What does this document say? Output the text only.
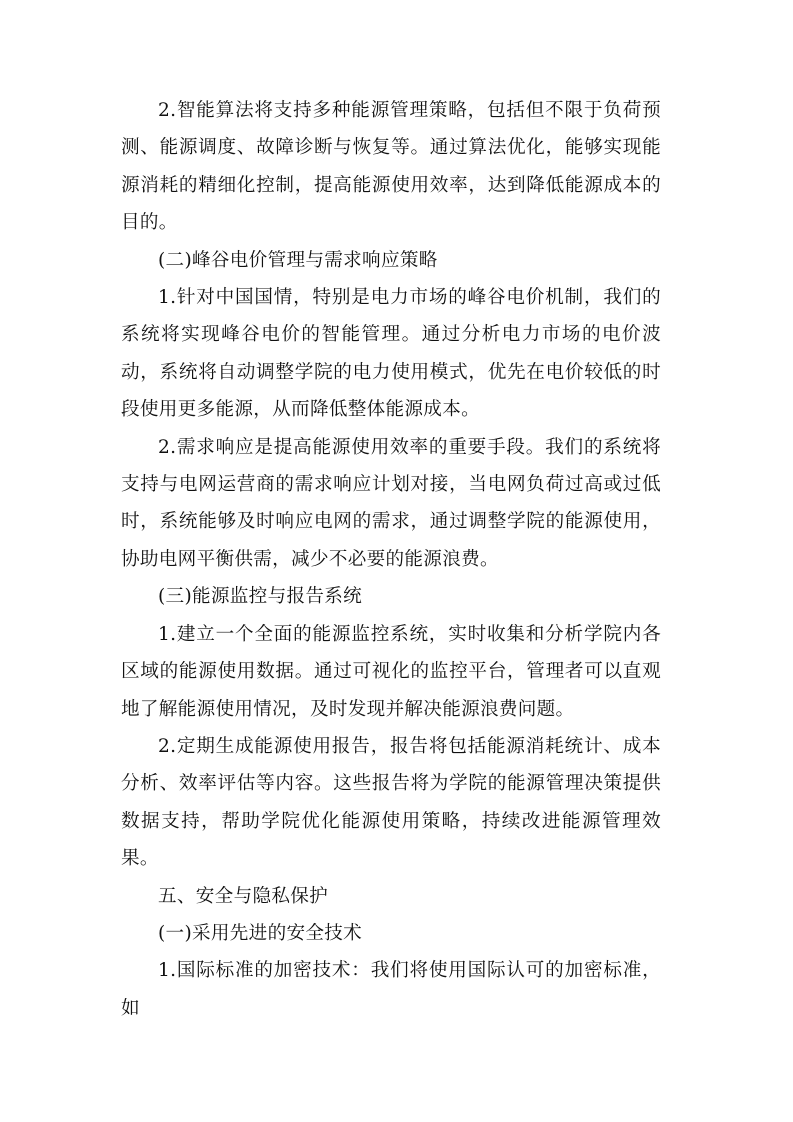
2.智能算法将支持多种能源管理策略，包括但不限于负荷预测、能源调度、故障诊断与恢复等。通过算法优化，能够实现能源消耗的精细化控制，提高能源使用效率，达到降低能源成本的目的。

(二)峰谷电价管理与需求响应策略

1.针对中国国情，特别是电力市场的峰谷电价机制，我们的系统将实现峰谷电价的智能管理。通过分析电力市场的电价波动，系统将自动调整学院的电力使用模式，优先在电价较低的时段使用更多能源，从而降低整体能源成本。

2.需求响应是提高能源使用效率的重要手段。我们的系统将支持与电网运营商的需求响应计划对接，当电网负荷过高或过低时，系统能够及时响应电网的需求，通过调整学院的能源使用，协助电网平衡供需，减少不必要的能源浪费。

(三)能源监控与报告系统

1.建立一个全面的能源监控系统，实时收集和分析学院内各区域的能源使用数据。通过可视化的监控平台，管理者可以直观地了解能源使用情况，及时发现并解决能源浪费问题。

2.定期生成能源使用报告，报告将包括能源消耗统计、成本分析、效率评估等内容。这些报告将为学院的能源管理决策提供数据支持，帮助学院优化能源使用策略，持续改进能源管理效果。

五、安全与隐私保护

(一)采用先进的安全技术

1.国际标准的加密技术：我们将使用国际认可的加密标准，如
